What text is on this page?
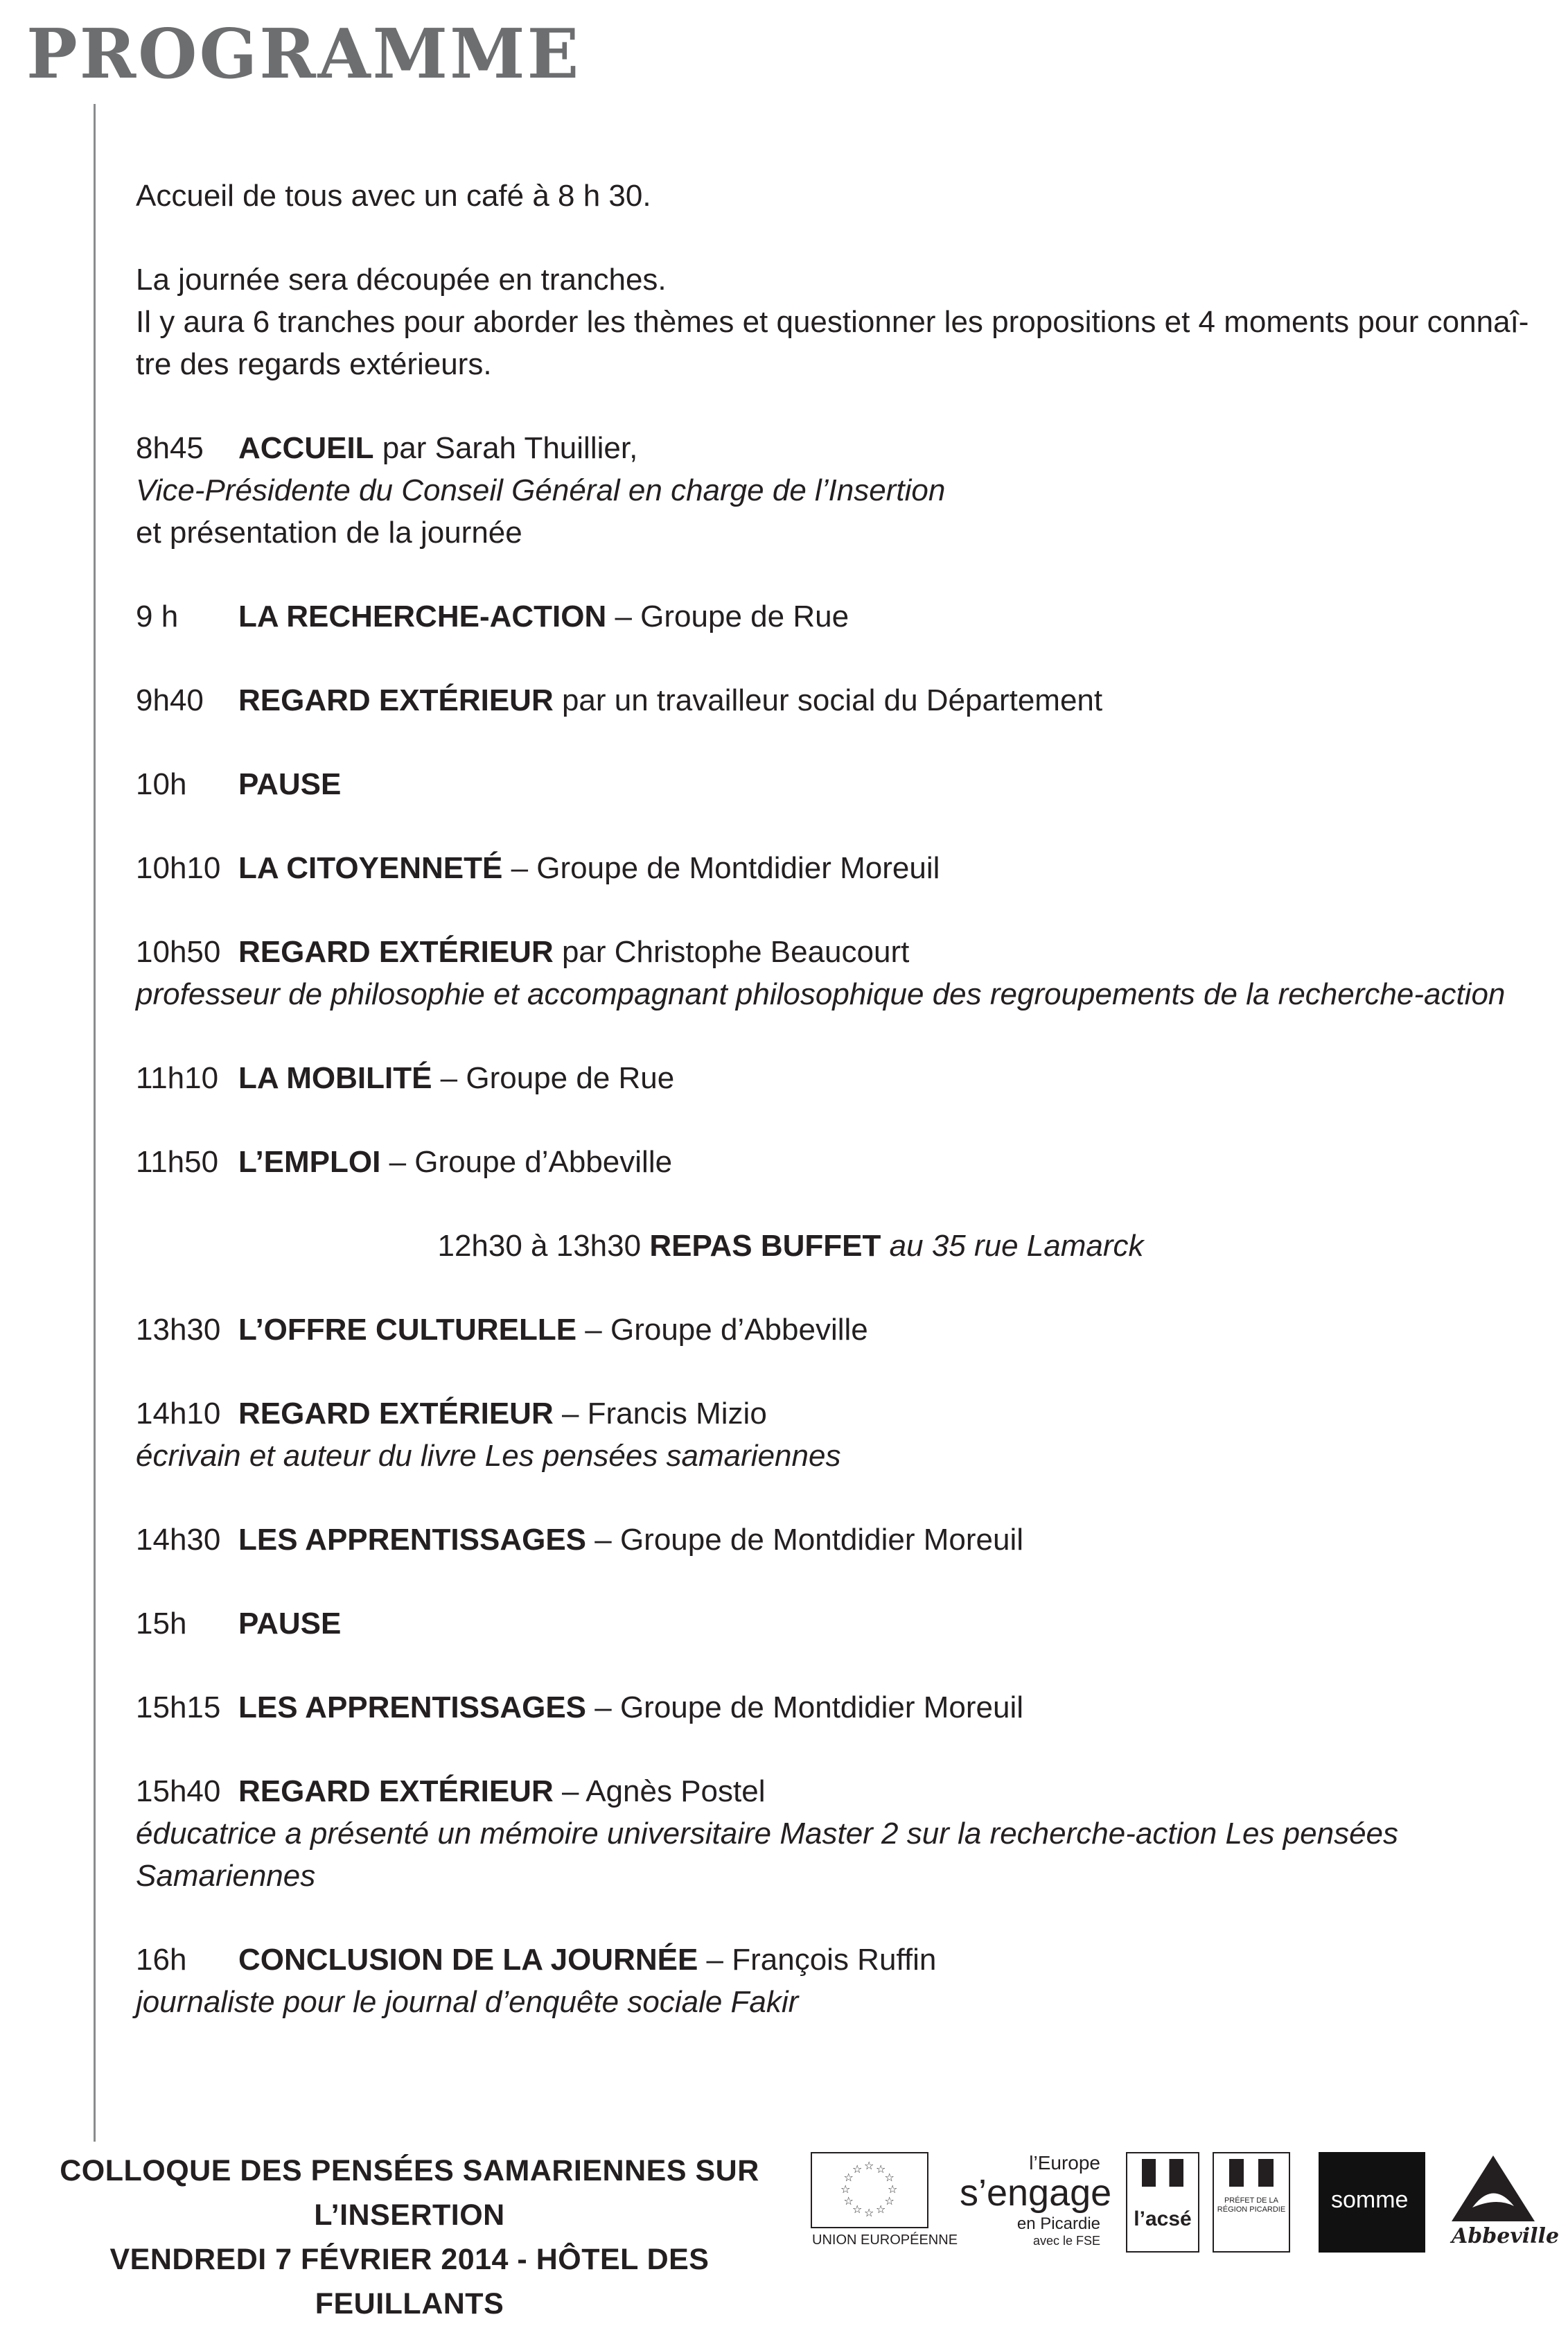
PROGRAMME

Accueil de tous avec un café à 8 h 30.

La journée sera découpée en tranches.

Il y aura 6 tranches pour aborder les thèmes et questionner les propositions et 4 moments pour connaî-

tre des regards extérieurs.

8h45	ACCUEIL par Sarah Thuillier,

Vice-Présidente du Conseil Général en charge de l’Insertion

et présentation de la journée

9 h	LA RECHERCHE-ACTION – Groupe de Rue
9h40	REGARD EXTÉRIEUR par un travailleur social du Département
10h	PAUSE
10h10 LA CITOYENNETÉ – Groupe de Montdidier Moreuil
10h50 REGARD EXTÉRIEUR par Christophe Beaucourt

professeur de philosophie et accompagnant philosophique des regroupements de la recherche-action

11h10 LA MOBILITÉ – Groupe de Rue
11h50 L’EMPLOI – Groupe d’Abbeville

12h30 à 13h30 REPAS BUFFET au 35 rue Lamarck

13h30 L’OFFRE CULTURELLE – Groupe d’Abbeville
14h10 REGARD EXTÉRIEUR – Francis Mizio

écrivain et auteur du livre Les pensées samariennes

14h30 LES APPRENTISSAGES – Groupe de Montdidier Moreuil
15h	PAUSE
15h15 LES APPRENTISSAGES – Groupe de Montdidier Moreuil
15h40 REGARD EXTÉRIEUR – Agnès Postel

éducatrice a présenté un mémoire universitaire Master 2 sur la recherche-action Les pensées Samariennes

16h	CONCLUSION DE LA JOURNÉE – François Ruffin

journaliste pour le journal d’enquête sociale Fakir

COLLOQUE DES PENSÉES SAMARIENNES SUR L’INSERTION
VENDREDI 7 FÉVRIER 2014 - HÔTEL DES FEUILLANTS
☆
☆
☆
☆
☆
☆
☆
☆
☆ ☆ ☆
☆
UNION EUROPÉENNE
l’Europe
s’engage
en Picardie
avec le FSE
l’acsé
PRÉFET DE LA RÉGION PICARDIE somme
Abbeville
